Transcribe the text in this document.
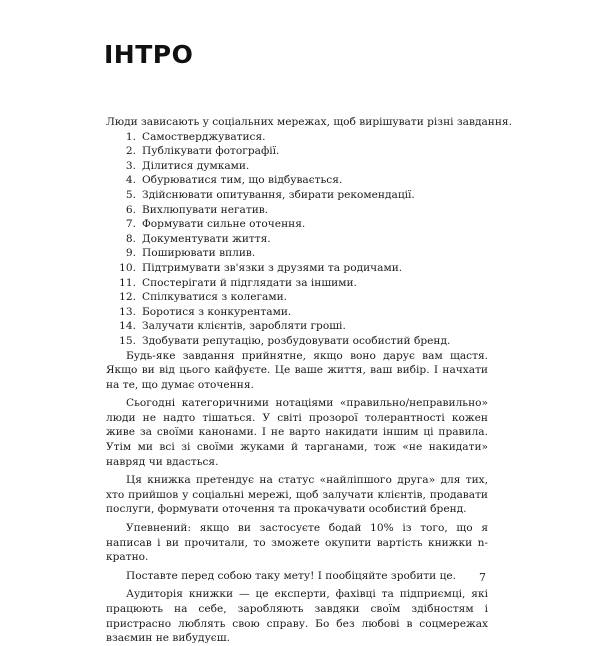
ІНТРО

Люди зависають у соціальних мережах, щоб вирішувати різні завдання.

1. Самостверджуватися.
2. Публікувати фотографії.
3. Ділитися думками.
4. Обурюватися тим, що відбувається.
5. Здійснювати опитування, збирати рекомендації.
6. Вихлюпувати негатив.
7. Формувати сильне оточення.
8. Документувати життя.
9. Поширювати вплив.
10. Підтримувати зв'язки з друзями та родичами.
11. Спостерігати й підглядати за іншими.
12. Спілкуватися з колегами.
13. Боротися з конкурентами.
14. Залучати клієнтів, заробляти гроші.
15. Здобувати репутацію, розбудовувати особистий бренд.

Будь-яке завдання прийнятне, якщо воно дарує вам щастя. Якщо ви від цього кайфуєте. Це ваше життя, ваш вибір. І начхати на те, що думає оточення.

Сьогодні категоричними нотаціями «правильно/неправильно» люди не надто тішаться. У світі прозорої толерантності кожен живе за своїми канонами. І не варто накидати іншим ці правила. Утім ми всі зі своїми жуками й тарганами, тож «не накидати» навряд чи вдасться.

Ця книжка претендує на статус «найліпшого друга» для тих, хто прийшов у соціальні мережі, щоб залучати клієнтів, продавати послуги, формувати оточення та прокачувати особистий бренд.

Упевнений: якщо ви застосуєте бодай 10% із того, що я написав і ви прочитали, то зможете окупити вартість книжки n-кратно.

Поставте перед собою таку мету! І пообіцяйте зробити це.

Аудиторія книжки — це експерти, фахівці та підприємці, які працюють на себе, заробляють завдяки своїм здібностям і пристрасно люблять свою справу. Бо без любові в соцмережах взаємин не вибудуєш.

7
